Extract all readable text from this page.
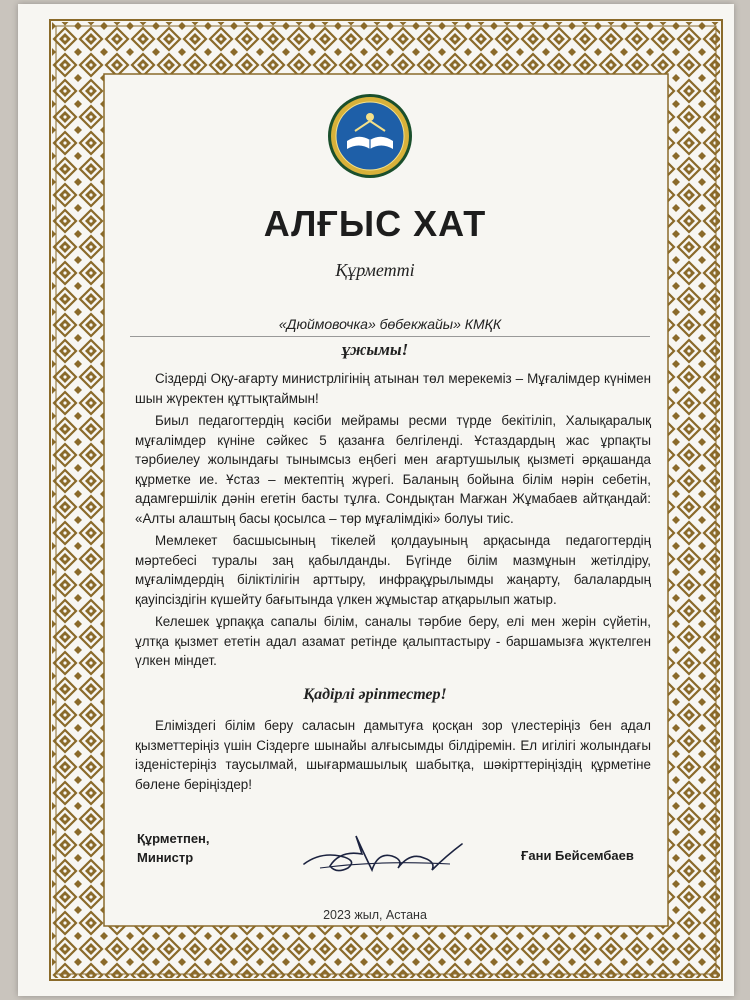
АЛҒЫС ХАТ
Құрметті
«Дюймовочка» бөбекжайы» КМҚК
ұжымы!

Сіздерді Оқу-ағарту министрлігінің атынан төл мерекеміз – Мұғалімдер күнімен шын жүректен құттықтаймын!

Биыл педагогтердің кәсіби мейрамы ресми түрде бекітіліп, Халықаралық мұғалімдер күніне сәйкес 5 қазанға белгіленді. Ұстаздардың жас ұрпақты тәрбиелеу жолындағы тынымсыз еңбегі мен ағартушылық қызметі әрқашанда құрметке ие. Ұстаз – мектептің жүрегі. Баланың бойына білім нәрін себетін, адамгершілік дәнін егетін басты тұлға. Сондықтан Мағжан Жұмабаев айтқандай: «Алты алаштың басы қосылса – төр мұғалімдікі» болуы тиіс.

Мемлекет басшысының тікелей қолдауының арқасында педагогтердің мәртебесі туралы заң қабылданды. Бүгінде білім мазмұнын жетілдіру, мұғалімдердің біліктілігін арттыру, инфрақұрылымды жаңарту, балалардың қауіпсіздігін күшейту бағытында үлкен жұмыстар атқарылып жатыр.

Келешек ұрпаққа сапалы білім, саналы тәрбие беру, елі мен жерін сүйетін, ұлтқа қызмет ететін адал азамат ретінде қалыптастыру - баршамызға жүктелген үлкен міндет.

Қадірлі әріптестер!

Еліміздегі білім беру саласын дамытуға қосқан зор үлестеріңіз бен адал қызметтеріңіз үшін Сіздерге шынайы алғысымды білдіремін. Ел игілігі жолындағы ізденістеріңіз таусылмай, шығармашылық шабытқа, шәкірттеріңіздің құрметіне бөлене беріңіздер!

Құрметпен,
Министр	Ғани Бейсембаев
2023 жыл, Астана
